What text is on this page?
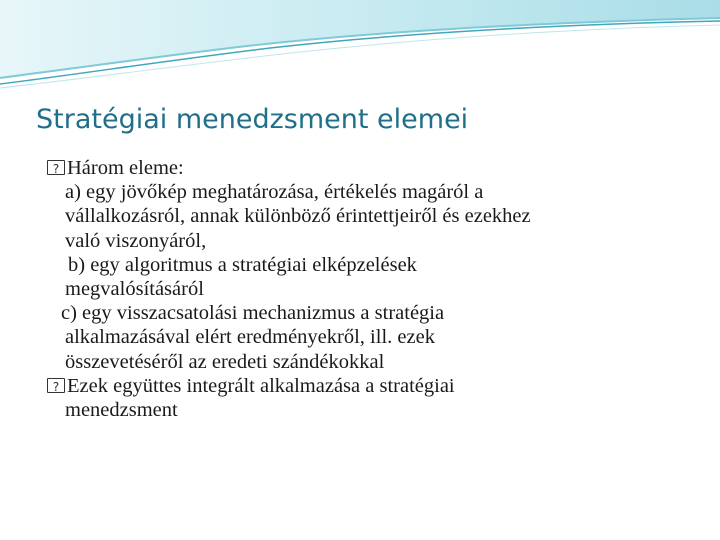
Stratégiai menedzsment elemei
?Három eleme:
a) egy jövőkép meghatározása, értékelés magáról a
vállalkozásról, annak különböző érintettjeiről és ezekhez
való viszonyáról,
b) egy algoritmus a stratégiai elképzelések
megvalósításáról
c) egy visszacsatolási mechanizmus a stratégia
alkalmazásával elért eredményekről, ill. ezek
összevetéséről az eredeti szándékokkal
?Ezek együttes integrált alkalmazása a stratégiai
menedzsment
